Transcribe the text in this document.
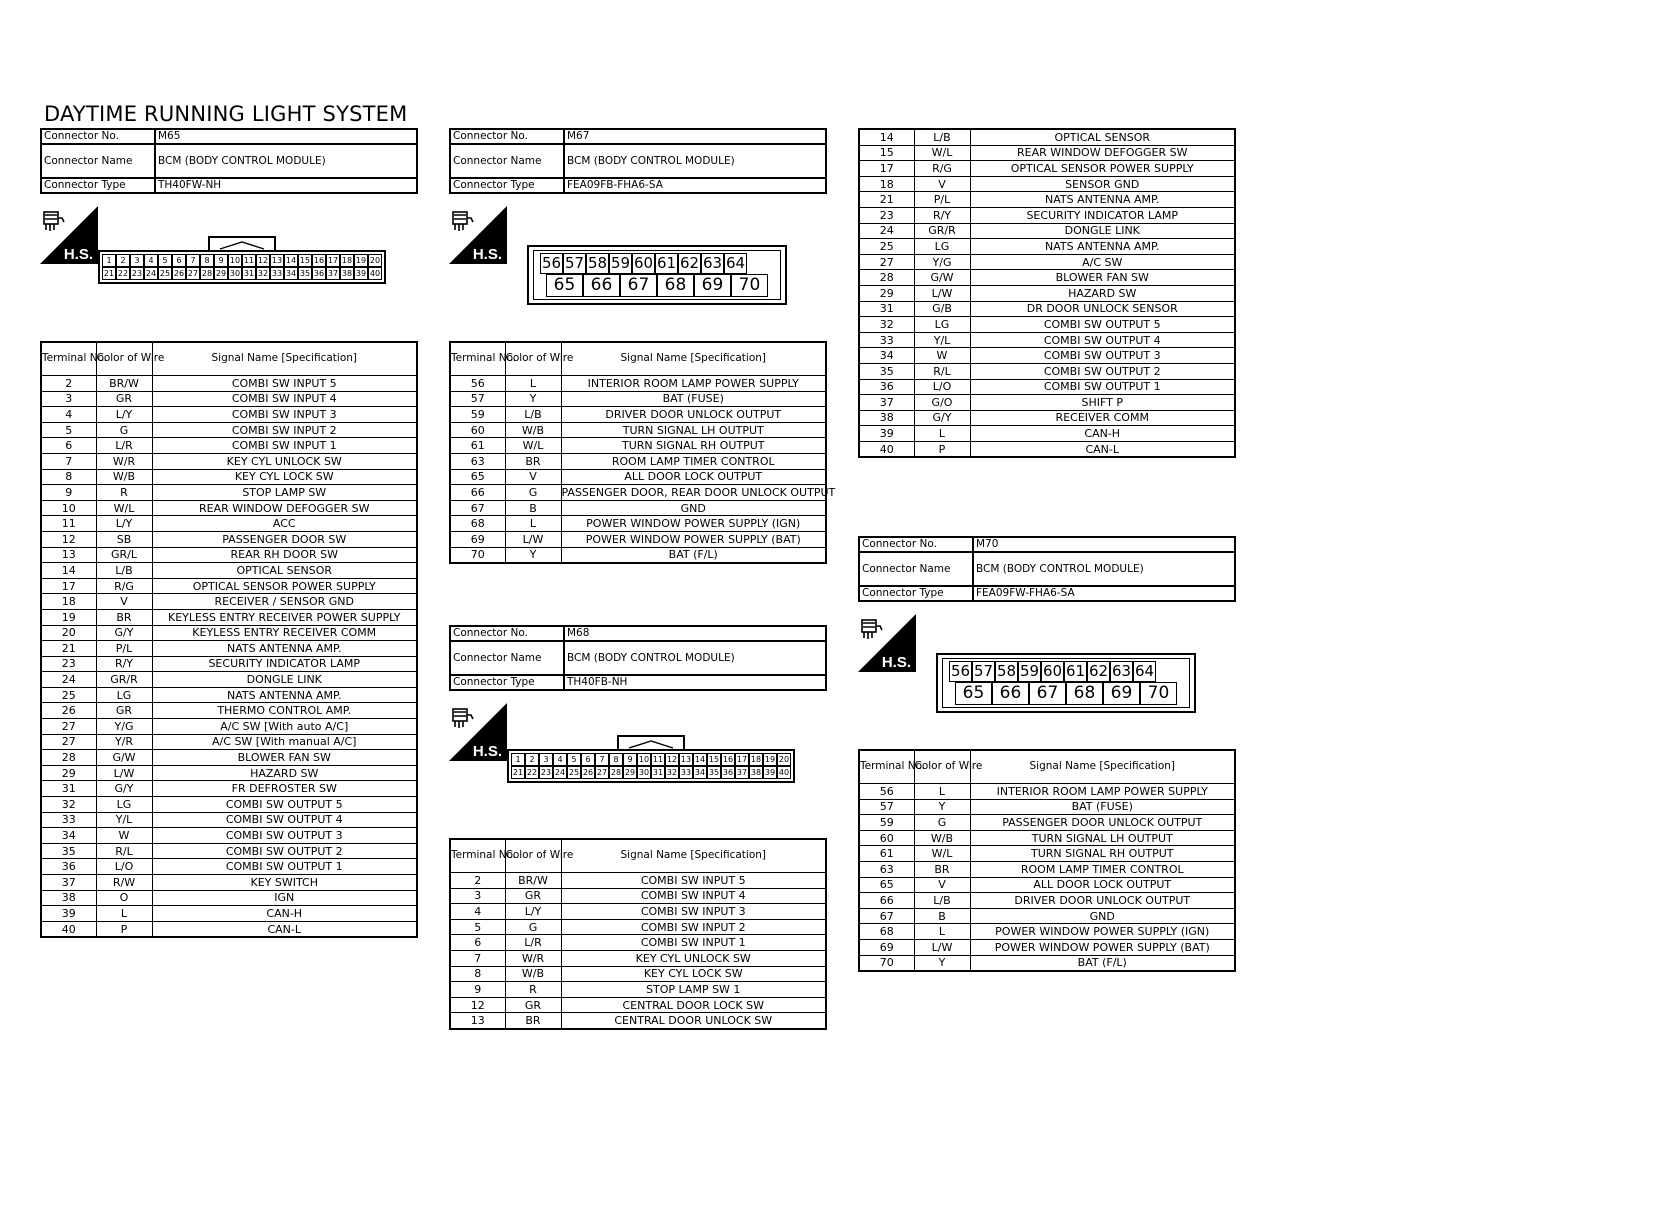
DAYTIME RUNNING LIGHT SYSTEM
Connector No.	M65
Connector Name	BCM (BODY CONTROL MODULE)
Connector Type	TH40FW-NH
Connector No.	M67
Connector Name	BCM (BODY CONTROL MODULE)
Connector Type	FEA09FB-FHA6-SA
Connector No.	M68
Connector Name	BCM (BODY CONTROL MODULE)
Connector Type	TH40FB-NH
Connector No.	M70
Connector Name	BCM (BODY CONTROL MODULE)
Connector Type	FEA09FW-FHA6-SA
H.S.	H.S.
H.S.
H.S.
1	2	3	4	5	6	7	8	9 10 11 12 13 14 15 16 17 18 19 20
21 22 23 24 25 26 27 28 29 30 31 32 33 34 35 36 37 38 39 40
56 57 58 59 60 61 62 63 64
65 66 67 68 69 70
1	2	3	4	5	6	7	8	9 10 11 12 13 14 15 16 17 18 19 20
21 22 23 24 25 26 27 28 29 30 31 32 33 34 35 36 37 38 39 40
56 57 58 59 60 61 62 63 64
65 66 67 68 69 70
Terminal No.	Color of Wire	Signal Name [Specification]
2	BR/W	COMBI SW INPUT 5
3	GR	COMBI SW INPUT 4
4	L/Y	COMBI SW INPUT 3
5	G	COMBI SW INPUT 2
6	L/R	COMBI SW INPUT 1
7	W/R	KEY CYL UNLOCK SW
8	W/B	KEY CYL LOCK SW
9	R	STOP LAMP SW
10	W/L	REAR WINDOW DEFOGGER SW
11	L/Y	ACC
12	SB	PASSENGER DOOR SW
13	GR/L	REAR RH DOOR SW
14	L/B	OPTICAL SENSOR
17	R/G	OPTICAL SENSOR POWER SUPPLY
18	V	RECEIVER / SENSOR GND
19	BR	KEYLESS ENTRY RECEIVER POWER SUPPLY
20	G/Y	KEYLESS ENTRY RECEIVER COMM
21	P/L	NATS ANTENNA AMP.
23	R/Y	SECURITY INDICATOR LAMP
24	GR/R	DONGLE LINK
25	LG	NATS ANTENNA AMP.
26	GR	THERMO CONTROL AMP.
27	Y/G	A/C SW [With auto A/C]
27	Y/R	A/C SW [With manual A/C]
28	G/W	BLOWER FAN SW
29	L/W	HAZARD SW
31	G/Y	FR DEFROSTER SW
32	LG	COMBI SW OUTPUT 5
33	Y/L	COMBI SW OUTPUT 4
34	W	COMBI SW OUTPUT 3
35	R/L	COMBI SW OUTPUT 2
36	L/O	COMBI SW OUTPUT 1
37	R/W	KEY SWITCH
38	O	IGN
39	L	CAN-H
40	P	CAN-L
Terminal No.	Color of Wire	Signal Name [Specification]
56	L	INTERIOR ROOM LAMP POWER SUPPLY
57	Y	BAT (FUSE)
59	L/B	DRIVER DOOR UNLOCK OUTPUT
60	W/B	TURN SIGNAL LH OUTPUT
61	W/L	TURN SIGNAL RH OUTPUT
63	BR	ROOM LAMP TIMER CONTROL
65	V	ALL DOOR LOCK OUTPUT
66	G	PASSENGER DOOR, REAR DOOR UNLOCK OUTPUT
67	B	GND
68	L	POWER WINDOW POWER SUPPLY (IGN)
69	L/W	POWER WINDOW POWER SUPPLY (BAT)
70	Y	BAT (F/L)
Terminal No.	Color of Wire	Signal Name [Specification]
2	BR/W	COMBI SW INPUT 5
3	GR	COMBI SW INPUT 4
4	L/Y	COMBI SW INPUT 3
5	G	COMBI SW INPUT 2
6	L/R	COMBI SW INPUT 1
7	W/R	KEY CYL UNLOCK SW
8	W/B	KEY CYL LOCK SW
9	R	STOP LAMP SW 1
12	GR	CENTRAL DOOR LOCK SW
13	BR	CENTRAL DOOR UNLOCK SW
14	L/B	OPTICAL SENSOR
15	W/L	REAR WINDOW DEFOGGER SW
17	R/G	OPTICAL SENSOR POWER SUPPLY
18	V	SENSOR GND
21	P/L	NATS ANTENNA AMP.
23	R/Y	SECURITY INDICATOR LAMP
24	GR/R	DONGLE LINK
25	LG	NATS ANTENNA AMP.
27	Y/G	A/C SW
28	G/W	BLOWER FAN SW
29	L/W	HAZARD SW
31	G/B	DR DOOR UNLOCK SENSOR
32	LG	COMBI SW OUTPUT 5
33	Y/L	COMBI SW OUTPUT 4
34	W	COMBI SW OUTPUT 3
35	R/L	COMBI SW OUTPUT 2
36	L/O	COMBI SW OUTPUT 1
37	G/O	SHIFT P
38	G/Y	RECEIVER COMM
39	L	CAN-H
40	P	CAN-L
Terminal No.	Color of Wire	Signal Name [Specification]
56	L	INTERIOR ROOM LAMP POWER SUPPLY
57	Y	BAT (FUSE)
59	G	PASSENGER DOOR UNLOCK OUTPUT
60	W/B	TURN SIGNAL LH OUTPUT
61	W/L	TURN SIGNAL RH OUTPUT
63	BR	ROOM LAMP TIMER CONTROL
65	V	ALL DOOR LOCK OUTPUT
66	L/B	DRIVER DOOR UNLOCK OUTPUT
67	B	GND
68	L	POWER WINDOW POWER SUPPLY (IGN)
69	L/W	POWER WINDOW POWER SUPPLY (BAT)
70	Y	BAT (F/L)
